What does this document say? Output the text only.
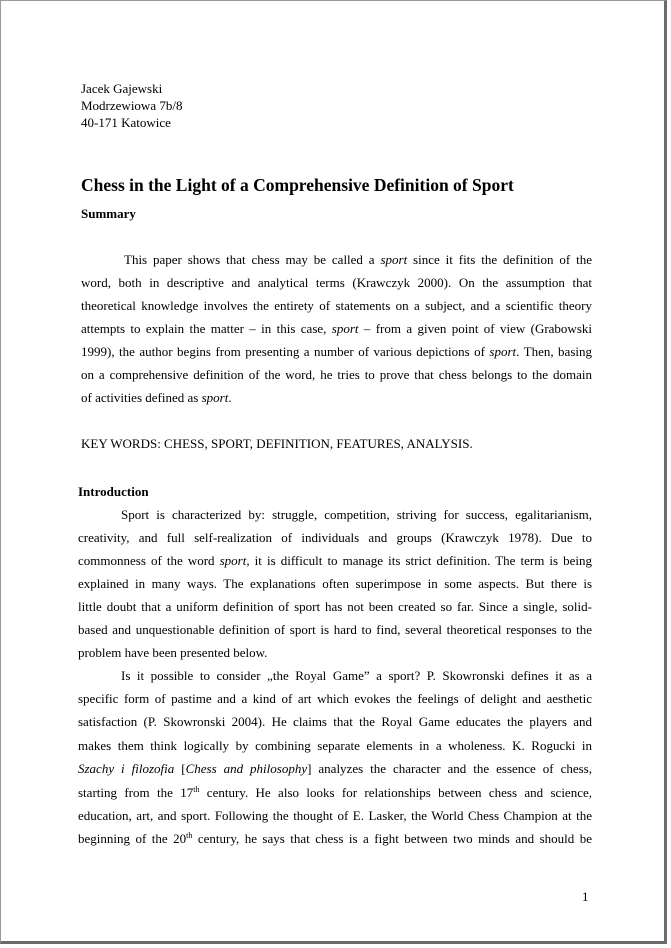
Jacek Gajewski
Modrzewiowa 7b/8
40-171 Katowice
Chess in the Light of a Comprehensive Definition of Sport
Summary
This paper shows that chess may be called a sport since it fits the definition of the
word, both in descriptive and analytical terms (Krawczyk 2000). On the assumption that
theoretical knowledge involves the entirety of statements on a subject, and a scientific theory
attempts to explain the matter – in this case, sport – from a given point of view (Grabowski
1999), the author begins from presenting a number of various depictions of sport. Then, basing
on a comprehensive definition of the word, he tries to prove that chess belongs to the domain
of activities defined as sport.
KEY WORDS: CHESS, SPORT, DEFINITION, FEATURES, ANALYSIS.
Introduction
Sport is characterized by: struggle, competition, striving for success, egalitarianism,
creativity, and full self-realization of individuals and groups (Krawczyk 1978). Due to
commonness of the word sport, it is difficult to manage its strict definition. The term is being
explained in many ways. The explanations often superimpose in some aspects. But there is
little doubt that a uniform definition of sport has not been created so far. Since a single, solid-
based and unquestionable definition of sport is hard to find, several theoretical responses to the
problem have been presented below.
Is it possible to consider „the Royal Game” a sport? P. Skowronski defines it as a
specific form of pastime and a kind of art which evokes the feelings of delight and aesthetic
satisfaction (P. Skowronski 2004). He claims that the Royal Game educates the players and
makes them think logically by combining separate elements in a wholeness. K. Rogucki in
Szachy i filozofia [Chess and philosophy] analyzes the character and the essence of chess,
starting from the 17th century. He also looks for relationships between chess and science,
education, art, and sport. Following the thought of E. Lasker, the World Chess Champion at the
beginning of the 20th century, he says that chess is a fight between two minds and should be
1
